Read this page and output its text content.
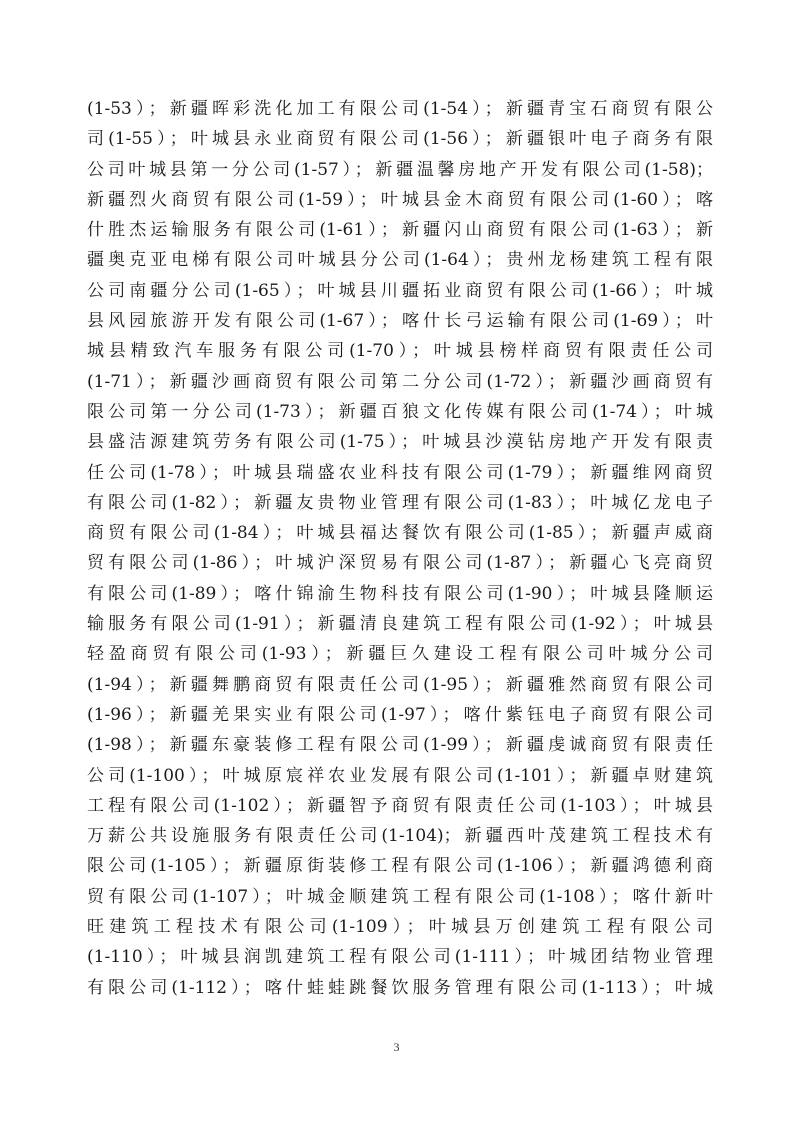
(1-53）；新疆晖彩洗化加工有限公司(1-54）；新疆青宝石商贸有限公
司(1-55）；叶城县永业商贸有限公司(1-56）；新疆银叶电子商务有限
公司叶城县第一分公司(1-57）；新疆温馨房地产开发有限公司(1-58)；
新疆烈火商贸有限公司(1-59）；叶城县金木商贸有限公司(1-60）；喀
什胜杰运输服务有限公司(1-61）；新疆闪山商贸有限公司(1-63）；新
疆奥克亚电梯有限公司叶城县分公司(1-64）；贵州龙杨建筑工程有限
公司南疆分公司(1-65）；叶城县川疆拓业商贸有限公司(1-66）；叶城
县风园旅游开发有限公司(1-67）；喀什长弓运输有限公司(1-69）；叶
城县精致汽车服务有限公司(1-70）；叶城县榜样商贸有限责任公司
(1-71）；新疆沙画商贸有限公司第二分公司(1-72）；新疆沙画商贸有
限公司第一分公司(1-73）；新疆百狼文化传媒有限公司(1-74）；叶城
县盛洁源建筑劳务有限公司(1-75）；叶城县沙漠钻房地产开发有限责
任公司(1-78）；叶城县瑞盛农业科技有限公司(1-79）；新疆维网商贸
有限公司(1-82）；新疆友贵物业管理有限公司(1-83）；叶城亿龙电子
商贸有限公司(1-84）；叶城县福达餐饮有限公司(1-85）；新疆声威商
贸有限公司(1-86）；叶城沪深贸易有限公司(1-87）；新疆心飞亮商贸
有限公司(1-89）；喀什锦渝生物科技有限公司(1-90）；叶城县隆顺运
输服务有限公司(1-91）；新疆清良建筑工程有限公司(1-92）；叶城县
轻盈商贸有限公司(1-93）；新疆巨久建设工程有限公司叶城分公司
(1-94）；新疆舞鹏商贸有限责任公司(1-95）；新疆雅然商贸有限公司
(1-96）；新疆羌果实业有限公司(1-97）；喀什紫钰电子商贸有限公司
(1-98）；新疆东豪装修工程有限公司(1-99）；新疆虔诚商贸有限责任
公司(1-100）；叶城原宸祥农业发展有限公司(1-101）；新疆卓财建筑
工程有限公司(1-102）；新疆智予商贸有限责任公司(1-103）；叶城县
万薪公共设施服务有限责任公司(1-104)；新疆西叶茂建筑工程技术有
限公司(1-105）；新疆原街装修工程有限公司(1-106）；新疆鸿德利商
贸有限公司(1-107）；叶城金顺建筑工程有限公司(1-108）；喀什新叶
旺建筑工程技术有限公司(1-109）；叶城县万创建筑工程有限公司
(1-110）；叶城县润凯建筑工程有限公司(1-111）；叶城团结物业管理
有限公司(1-112）；喀什蛙蛙跳餐饮服务管理有限公司(1-113）；叶城
3
